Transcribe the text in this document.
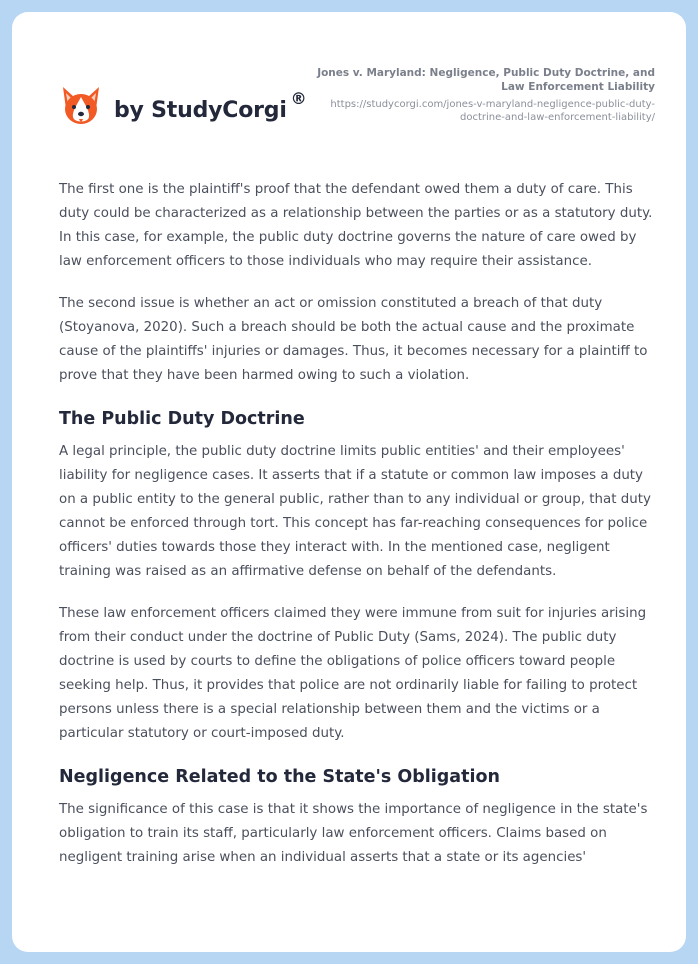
by StudyCorgi ®
Jones v. Maryland: Negligence, Public Duty Doctrine, and Law Enforcement Liability
https://studycorgi.com/jones-v-maryland-negligence-public-duty-doctrine-and-law-enforcement-liability/

The first one is the plaintiff's proof that the defendant owed them a duty of care. This duty could be characterized as a relationship between the parties or as a statutory duty. In this case, for example, the public duty doctrine governs the nature of care owed by law enforcement officers to those individuals who may require their assistance.

The second issue is whether an act or omission constituted a breach of that duty (Stoyanova, 2020). Such a breach should be both the actual cause and the proximate cause of the plaintiffs' injuries or damages. Thus, it becomes necessary for a plaintiff to prove that they have been harmed owing to such a violation.

The Public Duty Doctrine

A legal principle, the public duty doctrine limits public entities' and their employees' liability for negligence cases. It asserts that if a statute or common law imposes a duty on a public entity to the general public, rather than to any individual or group, that duty cannot be enforced through tort. This concept has far-reaching consequences for police officers' duties towards those they interact with. In the mentioned case, negligent training was raised as an affirmative defense on behalf of the defendants.

These law enforcement officers claimed they were immune from suit for injuries arising from their conduct under the doctrine of Public Duty (Sams, 2024). The public duty doctrine is used by courts to define the obligations of police officers toward people seeking help. Thus, it provides that police are not ordinarily liable for failing to protect persons unless there is a special relationship between them and the victims or a particular statutory or court-imposed duty.

Negligence Related to the State's Obligation

The significance of this case is that it shows the importance of negligence in the state's obligation to train its staff, particularly law enforcement officers. Claims based on negligent training arise when an individual asserts that a state or its agencies'
